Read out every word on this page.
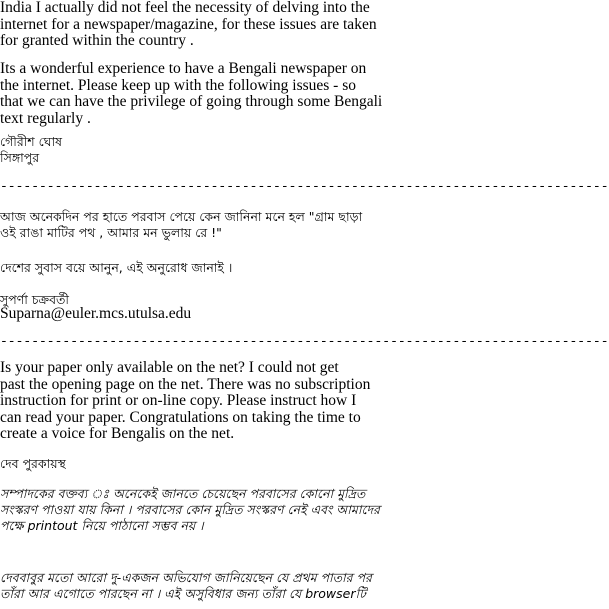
India I actually did not feel the necessity of delving into the
internet for a newspaper/magazine, for these issues are taken
for granted within the country .
Its a wonderful experience to have a Bengali newspaper on
the internet. Please keep up with the following issues - so
that we can have the privilege of going through some Bengali
text regularly .
গৌরীশ ঘোষ
সিঙ্গাপুর
------------------------------------------------------------------------------
আজ অনেকদিন পর হাতে পরবাস পেয়ে কেন জানিনা মনে হল "গ্রাম ছাড়া
ওই রাঙা মাটির পথ , আমার মন ভুলায় রে !"
দেশের সুবাস বয়ে আনুন, এই অনুরোধ জানাই ।
সুপর্ণা চক্রবর্তী
Suparna@euler.mcs.utulsa.edu
------------------------------------------------------------------------------
Is your paper only available on the net? I could not get
past the opening page on the net. There was no subscription
instruction for print or on-line copy. Please instruct how I
can read your paper. Congratulations on taking the time to
create a voice for Bengalis on the net.
দেব পুরকায়স্থ
সম্পাদকের বক্তব্য ঃ অনেকেই জানতে চেয়েছেন পরবাসের কোনো মুদ্রিত
সংস্করণ পাওয়া যায় কিনা । পরবাসের কোন মুদ্রিত সংস্করণ নেই এবং আমাদের
পক্ষে printout নিয়ে পাঠানো সম্ভব নয় ।
দেববাবুর মতো আরো দু-একজন অভিযোগ জানিয়েছেন যে প্রথম পাতার পর
তাঁরা আর এগোতে পারছেন না । এই অসুবিধার জন্য তাঁরা যে browserটি
